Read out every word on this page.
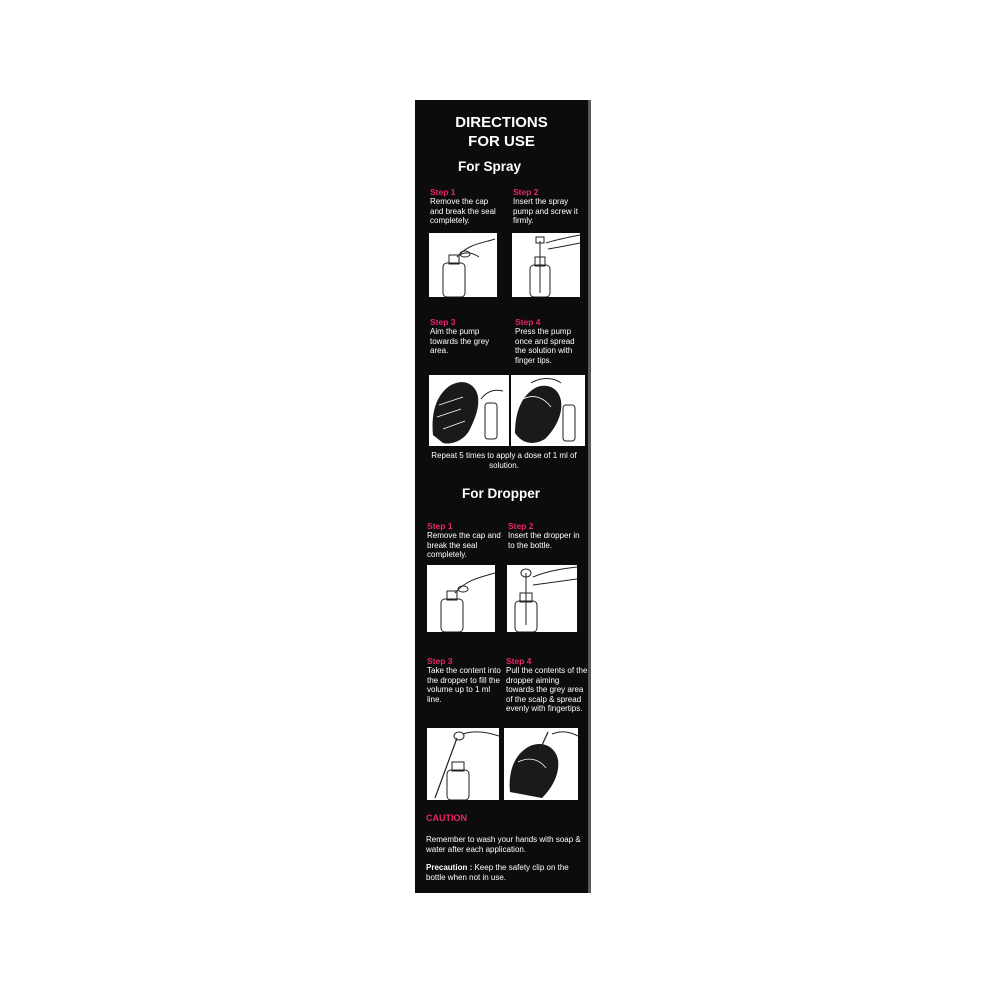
DIRECTIONS
FOR USE
For Spray
Step 1
Remove the cap and break the seal completely.
Step 2
Insert the spray pump and screw it firmly.
Step 3
Aim the pump towards the grey area.
Step 4
Press the pump once and spread the solution with finger tips.
Repeat 5 times to apply a dose of 1 ml of solution.
For Dropper
Step 1
Remove the cap and break the seal completely.
Step 2
Insert the dropper in to the bottle.
Step 3
Take the content into the dropper to fill the volume up to 1 ml line.
Step 4
Pull the contents of the dropper aiming towards the grey area of the scalp & spread evenly with fingertips.
CAUTION
Remember to wash your hands with soap & water after each application.
Precaution : Keep the safety clip on the bottle when not in use.
